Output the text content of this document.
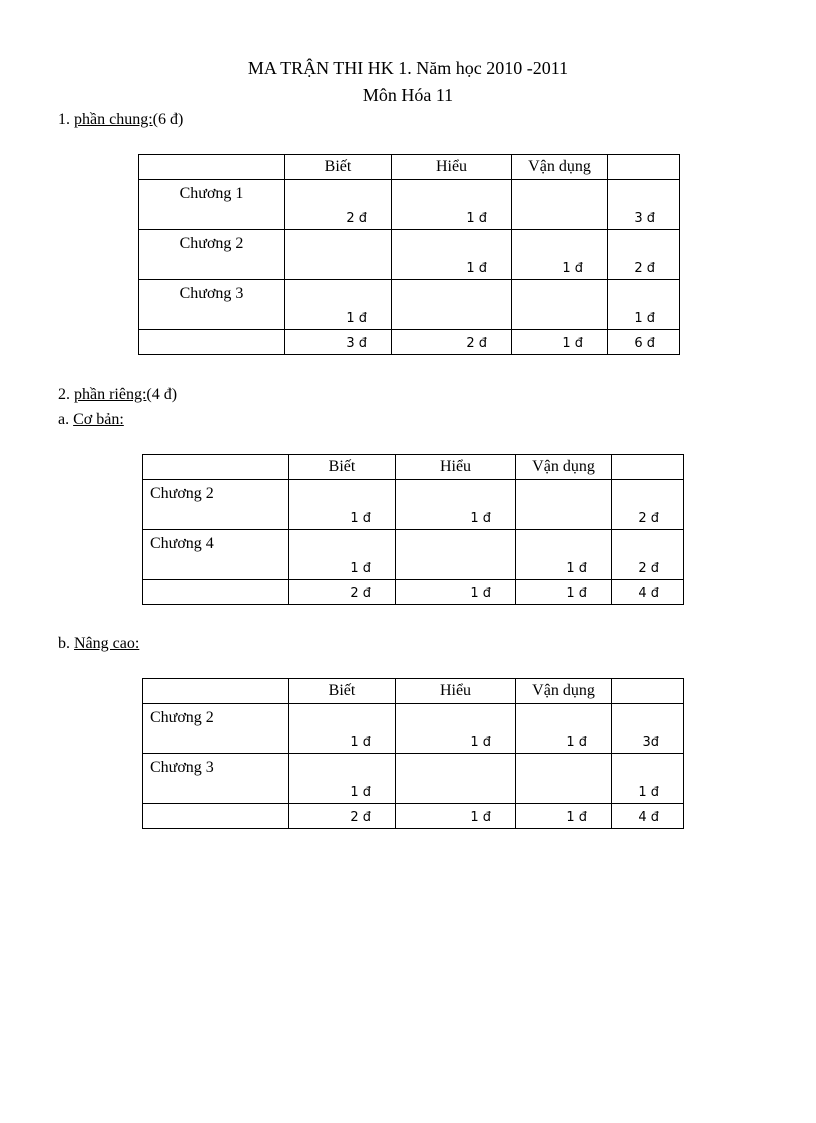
MA TRẬN THI HK 1. Năm học 2010 -2011
Môn Hóa 11
1. phần chung:(6 đ)
	Biết	Hiểu	Vận dụng	

Chương 1	2 đ	1 đ		3 đ

Chương 2		1 đ	1 đ	2 đ

Chương 3	1 đ			1 đ

	3 đ	2 đ	1 đ	6 đ
2. phần riêng:(4 đ)
a. Cơ bản:
	Biết	Hiểu	Vận dụng	

Chương 2	1 đ	1 đ		2 đ

Chương 4	1 đ		1 đ	2 đ

	2 đ	1 đ	1 đ	4 đ
b. Nâng cao:
	Biết	Hiểu	Vận dụng	

Chương 2	1 đ	1 đ	1 đ	3đ

Chương 3	1 đ			1 đ

	2 đ	1 đ	1 đ	4 đ
